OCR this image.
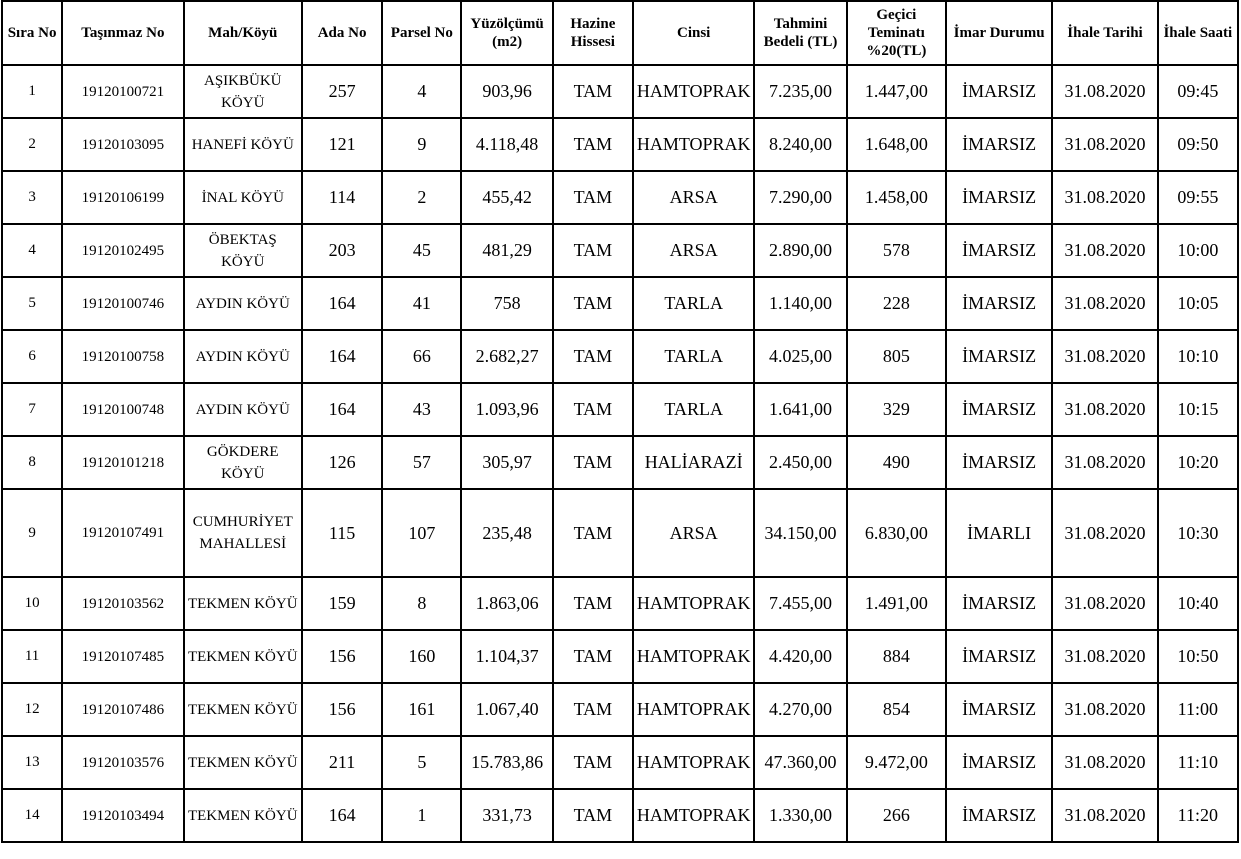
Sıra No	Taşınmaz No	Mah/Köyü	Ada No	Parsel No	Yüzölçümü (m2)	Hazine Hissesi	Cinsi	Tahmini Bedeli (TL)	Geçici Teminatı %20(TL)	İmar Durumu	İhale Tarihi	İhale Saati
1	19120100721	AŞIKBÜKÜ KÖYÜ	257	4	903,96	TAM	HAMTOPRAK	7.235,00	1.447,00	İMARSIZ	31.08.2020	09:45
2	19120103095	HANEFİ KÖYÜ	121	9	4.118,48	TAM	HAMTOPRAK	8.240,00	1.648,00	İMARSIZ	31.08.2020	09:50
3	19120106199	İNAL KÖYÜ	114	2	455,42	TAM	ARSA	7.290,00	1.458,00	İMARSIZ	31.08.2020	09:55
4	19120102495	ÖBEKTAŞ KÖYÜ	203	45	481,29	TAM	ARSA	2.890,00	578	İMARSIZ	31.08.2020	10:00
5	19120100746	AYDIN KÖYÜ	164	41	758	TAM	TARLA	1.140,00	228	İMARSIZ	31.08.2020	10:05
6	19120100758	AYDIN KÖYÜ	164	66	2.682,27	TAM	TARLA	4.025,00	805	İMARSIZ	31.08.2020	10:10
7	19120100748	AYDIN KÖYÜ	164	43	1.093,96	TAM	TARLA	1.641,00	329	İMARSIZ	31.08.2020	10:15
8	19120101218	GÖKDERE KÖYÜ	126	57	305,97	TAM	HALİARAZİ	2.450,00	490	İMARSIZ	31.08.2020	10:20
9	19120107491	CUMHURİYET MAHALLESİ	115	107	235,48	TAM	ARSA	34.150,00	6.830,00	İMARLI	31.08.2020	10:30
10	19120103562	TEKMEN KÖYÜ	159	8	1.863,06	TAM	HAMTOPRAK	7.455,00	1.491,00	İMARSIZ	31.08.2020	10:40
11	19120107485	TEKMEN KÖYÜ	156	160	1.104,37	TAM	HAMTOPRAK	4.420,00	884	İMARSIZ	31.08.2020	10:50
12	19120107486	TEKMEN KÖYÜ	156	161	1.067,40	TAM	HAMTOPRAK	4.270,00	854	İMARSIZ	31.08.2020	11:00
13	19120103576	TEKMEN KÖYÜ	211	5	15.783,86	TAM	HAMTOPRAK	47.360,00	9.472,00	İMARSIZ	31.08.2020	11:10
14	19120103494	TEKMEN KÖYÜ	164	1	331,73	TAM	HAMTOPRAK	1.330,00	266	İMARSIZ	31.08.2020	11:20
